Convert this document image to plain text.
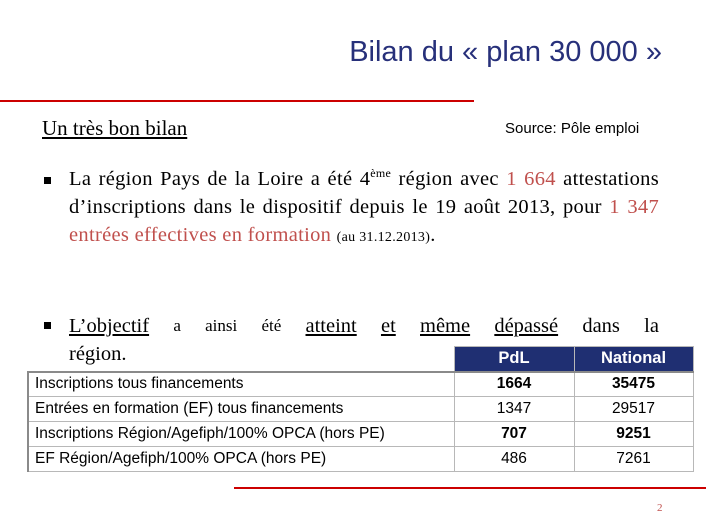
Bilan du « plan 30 000 »
Un très bon bilan	Source: Pôle emploi
La région Pays de la Loire a été 4ème région avec 1 664 attestations d’inscriptions dans le dispositif depuis le 19 août 2013, pour 1 347 entrées effectives en formation (au 31.12.2013).
L’objectif a ainsi été atteint et même dépassé dans la
région.
		PdL	National
Inscriptions tous financements	1664	35475
Entrées en formation (EF) tous financements	1347	29517
Inscriptions Région/Agefiph/100% OPCA (hors PE)	707	9251
EF Région/Agefiph/100% OPCA (hors PE)	486	7261
2
